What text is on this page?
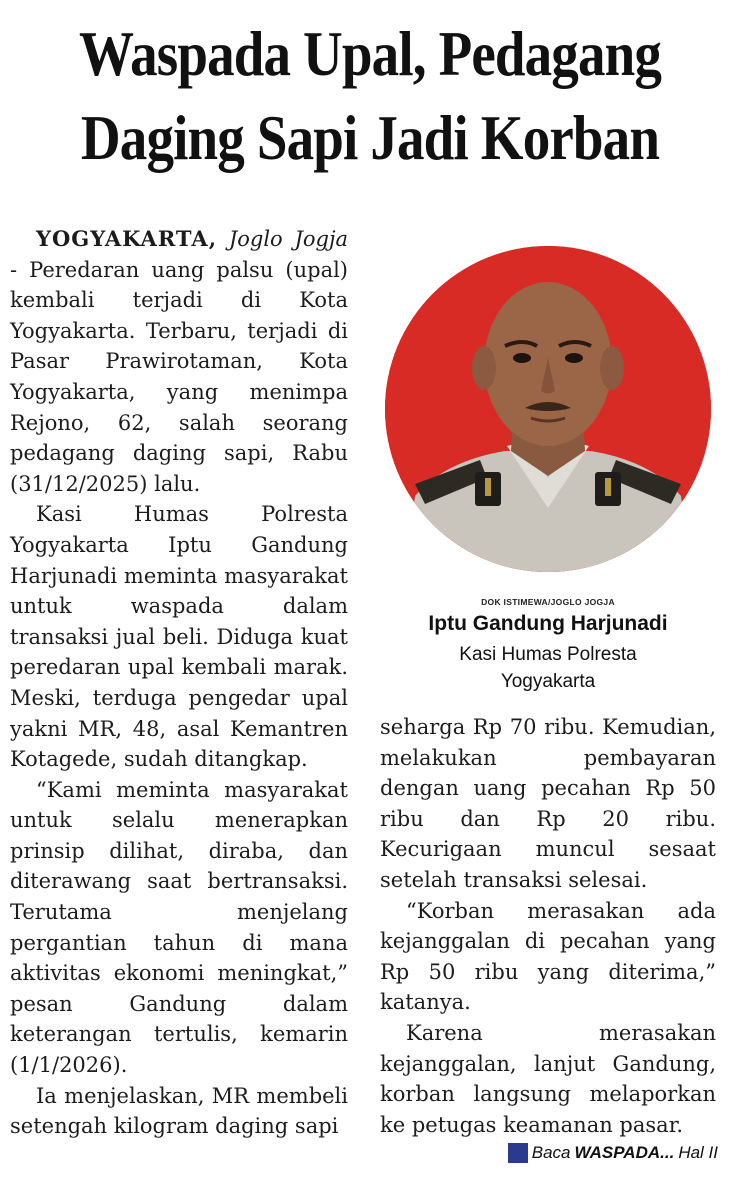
Waspada Upal, Pedagang
Daging Sapi Jadi Korban

YOGYAKARTA, Joglo Jogja - Peredaran uang palsu (upal) kembali terjadi di Kota Yogyakarta. Terbaru, terjadi di Pasar Prawirotaman, Kota Yogyakarta, yang menimpa Rejono, 62, salah seorang pedagang daging sapi, Rabu (31/12/2025) lalu.

Kasi Humas Polresta Yogyakarta Iptu Gandung Harjunadi meminta masyarakat untuk waspada dalam transaksi jual beli. Diduga kuat peredaran upal kembali marak. Meski, terduga pengedar upal yakni MR, 48, asal Kemantren Kotagede, sudah ditangkap.

“Kami meminta masyarakat untuk selalu menerapkan prinsip dilihat, diraba, dan diterawang saat bertransaksi. Terutama menjelang pergantian tahun di mana aktivitas ekonomi meningkat,” pesan Gandung dalam keterangan tertulis, kemarin (1/1/2026).

Ia menjelaskan, MR membeli setengah kilogram daging sapi

DOK ISTIMEWA/JOGLO JOGJA
Iptu Gandung Harjunadi
Kasi Humas Polresta
Yogyakarta

seharga Rp 70 ribu. Kemudian, melakukan pembayaran dengan uang pecahan Rp 50 ribu dan Rp 20 ribu. Kecurigaan muncul sesaat setelah transaksi selesai.

“Korban merasakan ada kejanggalan di pecahan yang Rp 50 ribu yang diterima,” katanya.

Karena merasakan kejanggalan, lanjut Gandung, korban langsung melaporkan ke petugas keamanan pasar.

Baca WASPADA... Hal II
